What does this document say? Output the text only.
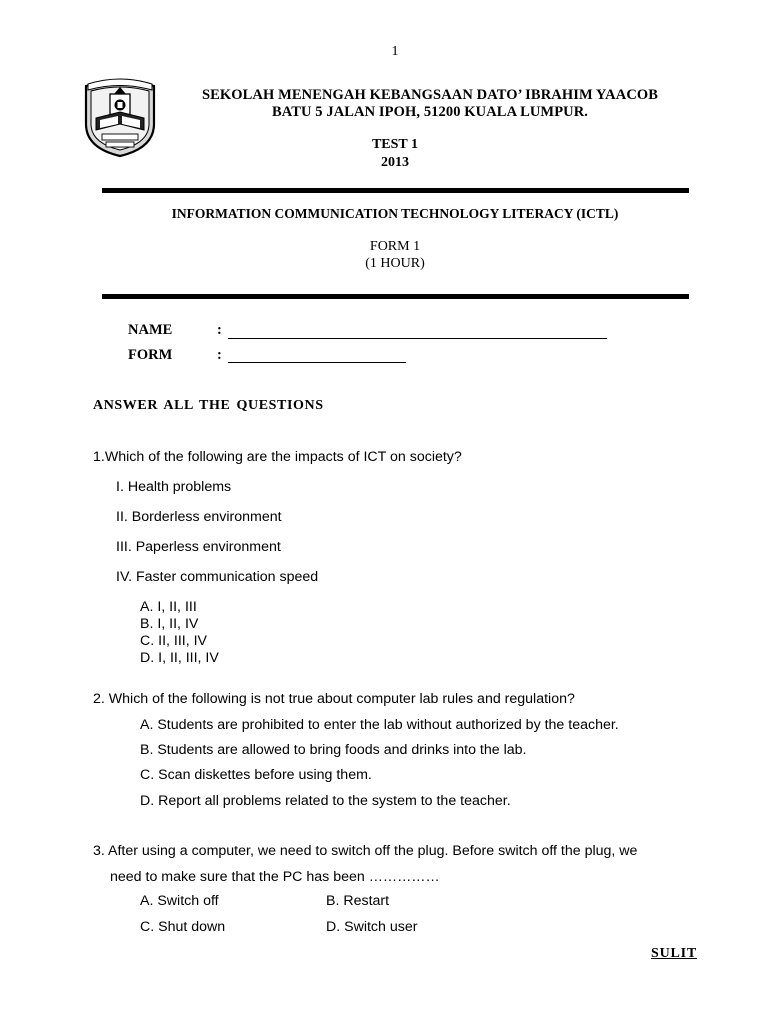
1
SEKOLAH MENENGAH KEBANGSAAN DATO’ IBRAHIM YAACOB
BATU 5 JALAN IPOH, 51200 KUALA LUMPUR.
TEST 1
2013
INFORMATION COMMUNICATION TECHNOLOGY LITERACY (ICTL)
FORM 1
(1 HOUR)
NAME	:
FORM	:
ANSWER ALL THE QUESTIONS
1.Which of the following are the impacts of ICT on society?
I. Health problems
II. Borderless environment
III. Paperless environment
IV. Faster communication speed
A. I, II, III
B. I, II, IV
C. II, III, IV
D. I, II, III, IV
2. Which of the following is not true about computer lab rules and regulation?
A. Students are prohibited to enter the lab without authorized by the teacher.
B. Students are allowed to bring foods and drinks into the lab.
C. Scan diskettes before using them.
D. Report all problems related to the system to the teacher.
3. After using a computer, we need to switch off the plug. Before switch off the plug, we
need to make sure that the PC has been ……………
A. Switch off	B. Restart
C. Shut down	D. Switch user
SULIT
